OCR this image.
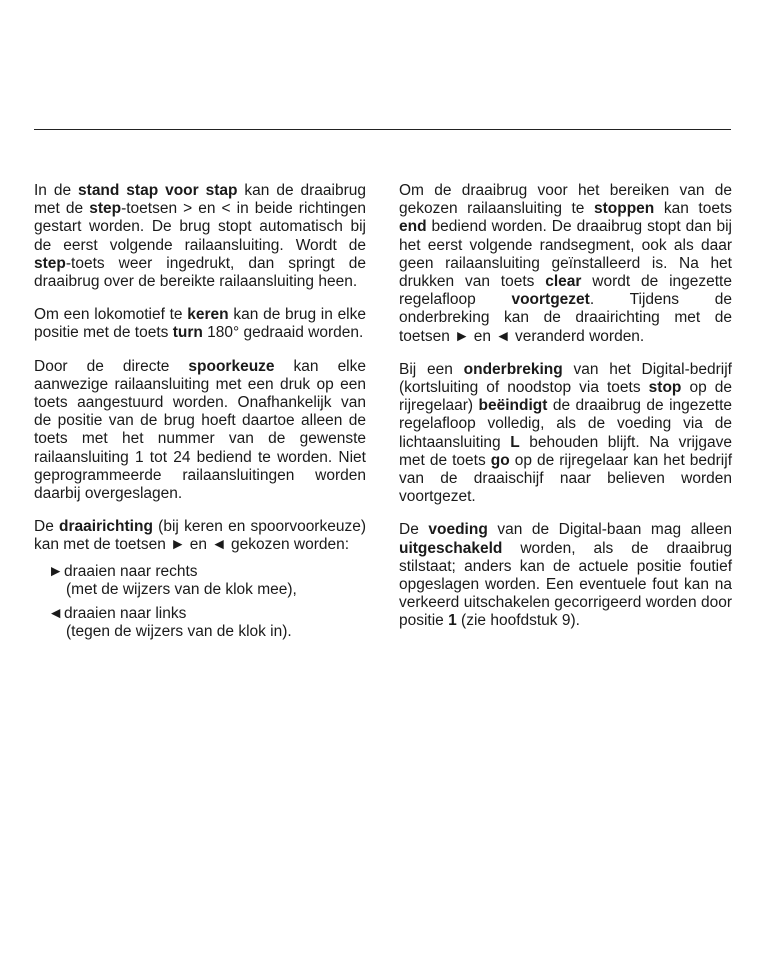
In de stand stap voor stap kan de draaibrug met de step-toetsen > en < in beide richtingen gestart worden. De brug stopt automatisch bij de eerst volgende railaansluiting. Wordt de step-toets weer ingedrukt, dan springt de draaibrug over de bereikte railaansluiting heen.

Om een lokomotief te keren kan de brug in elke positie met de toets turn 180° gedraaid worden.

Door de directe spoorkeuze kan elke aanwezige railaansluiting met een druk op een toets aangestuurd worden. Onafhankelijk van de positie van de brug hoeft daartoe alleen de toets met het nummer van de gewenste railaansluiting 1 tot 24 bediend te worden. Niet geprogrammeerde railaansluitingen worden daarbij overgeslagen.

De draairichting (bij keren en spoorvoorkeuze) kan met de toetsen ► en ◄ gekozen worden:

►draaien naar rechts
(met de wijzers van de klok mee),
◄draaien naar links
(tegen de wijzers van de klok in).

Om de draaibrug voor het bereiken van de gekozen railaansluiting te stoppen kan toets end bediend worden. De draaibrug stopt dan bij het eerst volgende randsegment, ook als daar geen railaansluiting geïnstalleerd is. Na het drukken van toets clear wordt de ingezette regelafloop voortgezet. Tijdens de onderbreking kan de draairichting met de toetsen ► en ◄ veranderd worden.

Bij een onderbreking van het Digital-bedrijf (kortsluiting of noodstop via toets stop op de rijregelaar) beëindigt de draaibrug de ingezette regelafloop volledig, als de voeding via de lichtaansluiting L behouden blijft. Na vrijgave met de toets go op de rijregelaar kan het bedrijf van de draaischijf naar believen worden voortgezet.

De voeding van de Digital-baan mag alleen uitgeschakeld worden, als de draaibrug stilstaat; anders kan de actuele positie foutief opgeslagen worden. Een eventuele fout kan na verkeerd uitschakelen gecorrigeerd worden door positie 1 (zie hoofdstuk 9).
